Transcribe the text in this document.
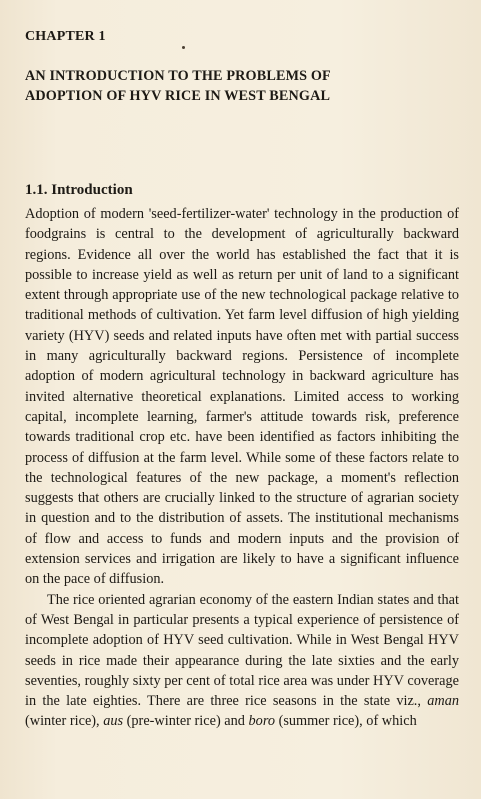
CHAPTER 1
AN INTRODUCTION TO THE PROBLEMS OF
ADOPTION OF HYV RICE IN WEST BENGAL
1.1. Introduction

Adoption of modern 'seed-fertilizer-water' technology in the production of foodgrains is central to the development of agriculturally backward regions. Evidence all over the world has established the fact that it is possible to increase yield as well as return per unit of land to a significant extent through appropriate use of the new technological package relative to traditional methods of cultivation. Yet farm level diffusion of high yielding variety (HYV) seeds and related inputs have often met with partial success in many agriculturally backward regions. Persistence of incomplete adoption of modern agricultural technology in backward agriculture has invited alternative theoretical explanations. Limited access to working capital, incomplete learning, farmer's attitude towards risk, preference towards traditional crop etc. have been identified as factors inhibiting the process of diffusion at the farm level. While some of these factors relate to the technological features of the new package, a moment's reflection suggests that others are crucially linked to the structure of agrarian society in question and to the distribution of assets. The institutional mechanisms of flow and access to funds and modern inputs and the provision of extension services and irrigation are likely to have a significant influence on the pace of diffusion.

The rice oriented agrarian economy of the eastern Indian states and that of West Bengal in particular presents a typical experience of persistence of incomplete adoption of HYV seed cultivation. While in West Bengal HYV seeds in rice made their appearance during the late sixties and the early seventies, roughly sixty per cent of total rice area was under HYV coverage in the late eighties. There are three rice seasons in the state viz., aman (winter rice), aus (pre-winter rice) and boro (summer rice), of which
